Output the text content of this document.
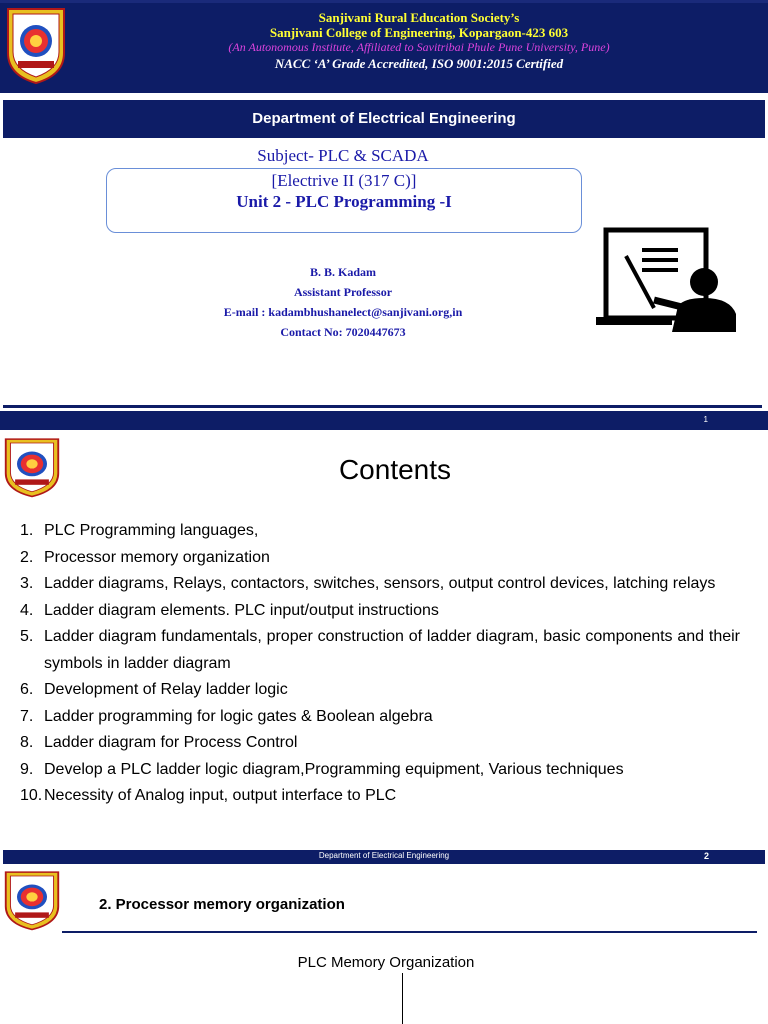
Sanjivani Rural Education Society’s
Sanjivani College of Engineering, Kopargaon-423 603
(An Autonomous Institute, Affiliated to Savitribai Phule Pune University, Pune)
NACC ‘A’ Grade Accredited, ISO 9001:2015 Certified
Department of Electrical Engineering
Subject- PLC & SCADA
[Electrive II (317 C)]
Unit 2 - PLC Programming -I
B. B. Kadam
Assistant Professor
E-mail : kadambhushanelect@sanjivani.org,in
Contact No: 7020447673
1
Contents
1. PLC Programming languages,
2. Processor memory organization
3. Ladder diagrams, Relays, contactors, switches, sensors, output control devices, latching relays
4. Ladder diagram elements. PLC input/output instructions
5. Ladder diagram fundamentals, proper construction of ladder diagram, basic components and their symbols in ladder diagram
6. Development of Relay ladder logic
7. Ladder programming for logic gates & Boolean algebra
8. Ladder diagram for Process Control
9. Develop a PLC ladder logic diagram,Programming equipment, Various techniques
10. Necessity of Analog input, output interface to PLC
Department of Electrical Engineering	2
2. Processor memory organization
PLC Memory Organization
